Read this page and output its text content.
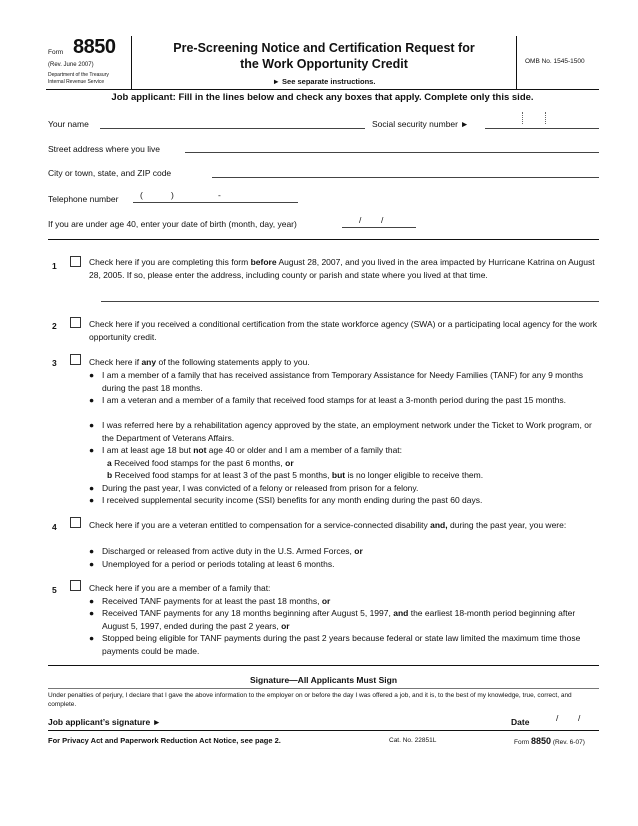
Form 8850
(Rev. June 2007)
Department of the Treasury
Internal Revenue Service
Pre-Screening Notice and Certification Request for
the Work Opportunity Credit
► See separate instructions.
OMB No. 1545-1500
Job applicant: Fill in the lines below and check any boxes that apply. Complete only this side.
Your name	Social security number ►
Street address where you live
City or town, state, and ZIP code
Telephone number	(	)	-
If you are under age 40, enter your date of birth (month, day, year)	/ /
1	Check here if you are completing this form before August 28, 2007, and you lived in the area impacted by Hurricane Katrina on August 28, 2005. If so, please enter the address, including county or parish and state where you lived at that time.
2	Check here if you received a conditional certification from the state workforce agency (SWA) or a participating local agency for the work opportunity credit.
3	Check here if any of the following statements apply to you.
● I am a member of a family that has received assistance from Temporary Assistance for Needy Families (TANF) for any 9 months during the past 18 months.
● I am a veteran and a member of a family that received food stamps for at least a 3-month period during the past 15 months.
● I was referred here by a rehabilitation agency approved by the state, an employment network under the Ticket to Work program, or the Department of Veterans Affairs.
● I am at least age 18 but not age 40 or older and I am a member of a family that:
a Received food stamps for the past 6 months, or
b Received food stamps for at least 3 of the past 5 months, but is no longer eligible to receive them.
● During the past year, I was convicted of a felony or released from prison for a felony.
● I received supplemental security income (SSI) benefits for any month ending during the past 60 days.
4	Check here if you are a veteran entitled to compensation for a service-connected disability and, during the past year, you were:
● Discharged or released from active duty in the U.S. Armed Forces, or
● Unemployed for a period or periods totaling at least 6 months.
5	Check here if you are a member of a family that:
● Received TANF payments for at least the past 18 months, or
● Received TANF payments for any 18 months beginning after August 5, 1997, and the earliest 18-month period beginning after August 5, 1997, ended during the past 2 years, or
● Stopped being eligible for TANF payments during the past 2 years because federal or state law limited the maximum time those payments could be made.
Signature—All Applicants Must Sign
Under penalties of perjury, I declare that I gave the above information to the employer on or before the day I was offered a job, and it is, to the best of my knowledge, true, correct, and complete.
Job applicant’s signature ►	Date	/ /
For Privacy Act and Paperwork Reduction Act Notice, see page 2.	Cat. No. 22851L	Form 8850 (Rev. 6-07)
